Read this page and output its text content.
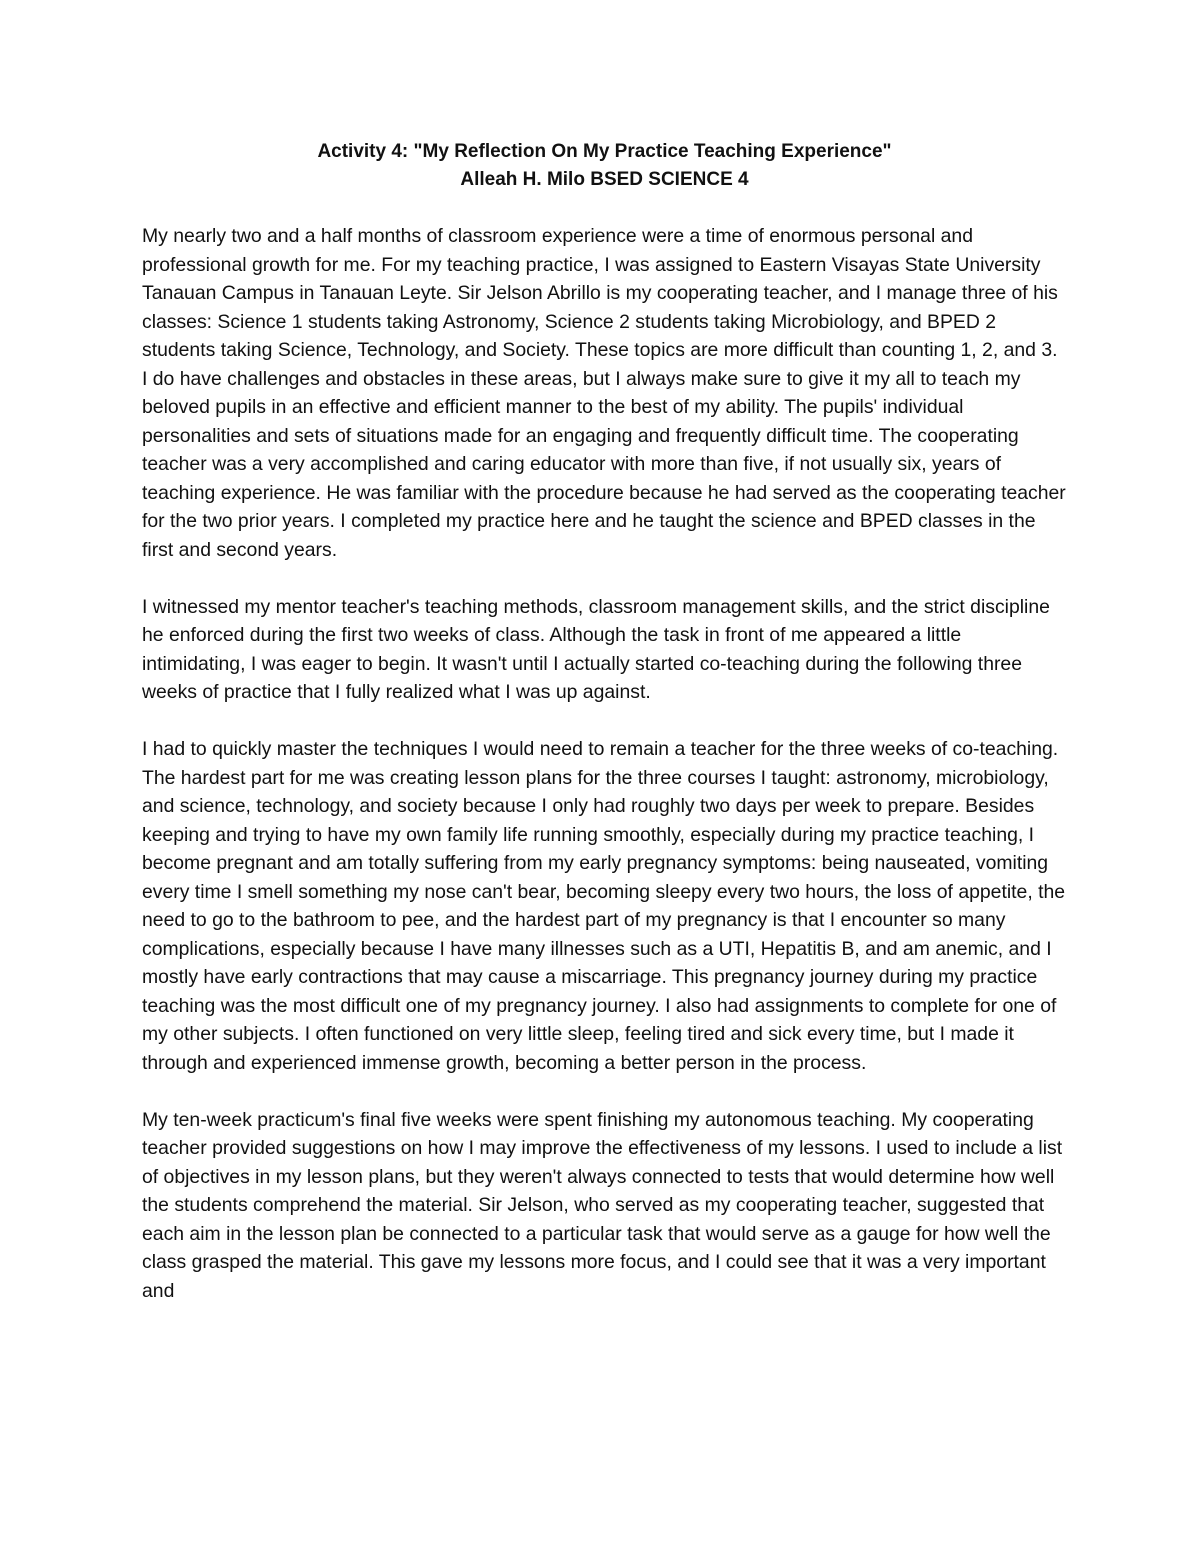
Activity 4: "My Reflection On My Practice Teaching Experience"

Alleah H. Milo BSED SCIENCE 4

My nearly two and a half months of classroom experience were a time of enormous personal and professional growth for me. For my teaching practice, I was assigned to Eastern Visayas State University Tanauan Campus in Tanauan Leyte. Sir Jelson Abrillo is my cooperating teacher, and I manage three of his classes: Science 1 students taking Astronomy, Science 2 students taking Microbiology, and BPED 2 students taking Science, Technology, and Society. These topics are more difficult than counting 1, 2, and 3. I do have challenges and obstacles in these areas, but I always make sure to give it my all to teach my beloved pupils in an effective and efficient manner to the best of my ability. The pupils' individual personalities and sets of situations made for an engaging and frequently difficult time. The cooperating teacher was a very accomplished and caring educator with more than five, if not usually six, years of teaching experience. He was familiar with the procedure because he had served as the cooperating teacher for the two prior years. I completed my practice here and he taught the science and BPED classes in the first and second years.

I witnessed my mentor teacher's teaching methods, classroom management skills, and the strict discipline he enforced during the first two weeks of class. Although the task in front of me appeared a little intimidating, I was eager to begin. It wasn't until I actually started co-teaching during the following three weeks of practice that I fully realized what I was up against.

I had to quickly master the techniques I would need to remain a teacher for the three weeks of co-teaching. The hardest part for me was creating lesson plans for the three courses I taught: astronomy, microbiology, and science, technology, and society because I only had roughly two days per week to prepare. Besides keeping and trying to have my own family life running smoothly, especially during my practice teaching, I become pregnant and am totally suffering from my early pregnancy symptoms: being nauseated, vomiting every time I smell something my nose can't bear, becoming sleepy every two hours, the loss of appetite, the need to go to the bathroom to pee, and the hardest part of my pregnancy is that I encounter so many complications, especially because I have many illnesses such as a UTI, Hepatitis B, and am anemic, and I mostly have early contractions that may cause a miscarriage. This pregnancy journey during my practice teaching was the most difficult one of my pregnancy journey. I also had assignments to complete for one of my other subjects. I often functioned on very little sleep, feeling tired and sick every time, but I made it through and experienced immense growth, becoming a better person in the process.

My ten-week practicum's final five weeks were spent finishing my autonomous teaching. My cooperating teacher provided suggestions on how I may improve the effectiveness of my lessons. I used to include a list of objectives in my lesson plans, but they weren't always connected to tests that would determine how well the students comprehend the material. Sir Jelson, who served as my cooperating teacher, suggested that each aim in the lesson plan be connected to a particular task that would serve as a gauge for how well the class grasped the material. This gave my lessons more focus, and I could see that it was a very important and
